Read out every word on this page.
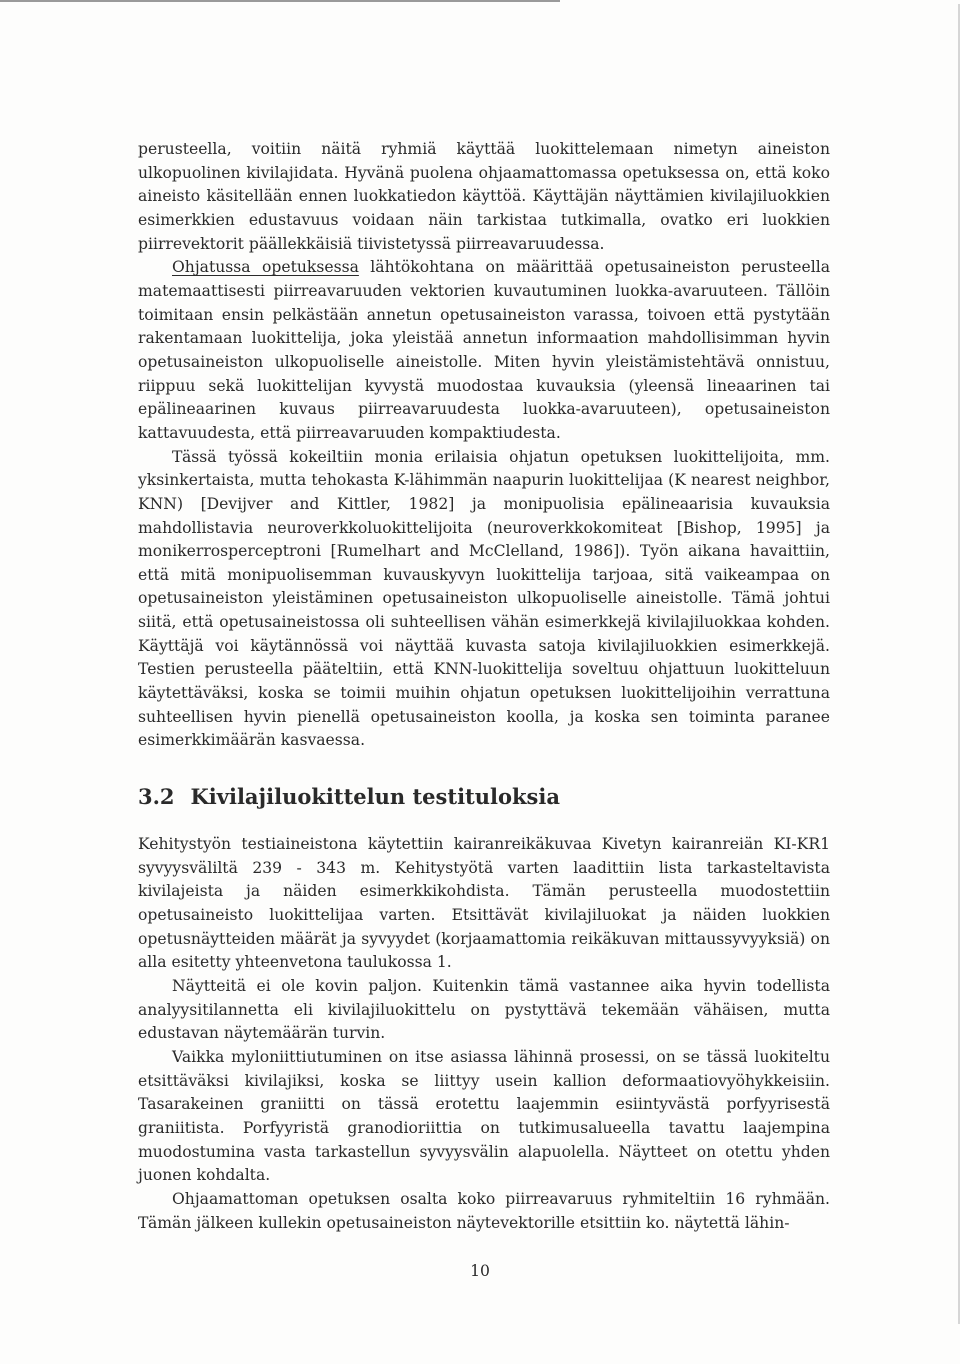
perusteella, voitiin näitä ryhmiä käyttää luokittelemaan nimetyn aineiston ulkopuolinen kivilajidata. Hyvänä puolena ohjaamattomassa opetuksessa on, että koko aineisto käsitellään ennen luokkatiedon käyttöä. Käyttäjän näyttämien kivilajiluokkien esimerkkien edustavuus voidaan näin tarkistaa tutkimalla, ovatko eri luokkien piirrevektorit päällekkäisiä tiivistetyssä piirreavaruudessa.

Ohjatussa opetuksessa lähtökohtana on määrittää opetusaineiston perusteella matemaattisesti piirreavaruuden vektorien kuvautuminen luokka-avaruuteen. Tällöin toimitaan ensin pelkästään annetun opetusaineiston varassa, toivoen että pystytään rakentamaan luokittelija, joka yleistää annetun informaation mahdollisimman hyvin opetusaineiston ulkopuoliselle aineistolle. Miten hyvin yleistämistehtävä onnistuu, riippuu sekä luokittelijan kyvystä muodostaa kuvauksia (yleensä lineaarinen tai epälineaarinen kuvaus piirreavaruudesta luokka-avaruuteen), opetusaineiston kattavuudesta, että piirreavaruuden kompaktiudesta.

Tässä työssä kokeiltiin monia erilaisia ohjatun opetuksen luokittelijoita, mm. yksinkertaista, mutta tehokasta K-lähimmän naapurin luokittelijaa (K nearest neighbor, KNN) [Devijver and Kittler, 1982] ja monipuolisia epälineaarisia kuvauksia mahdollistavia neuroverkkoluokittelijoita (neuroverkkokomiteat [Bishop, 1995] ja monikerrosperceptroni [Rumelhart and McClelland, 1986]). Työn aikana havaittiin, että mitä monipuolisemman kuvauskyvyn luokittelija tarjoaa, sitä vaikeampaa on opetusaineiston yleistäminen opetusaineiston ulkopuoliselle aineistolle. Tämä johtui siitä, että opetusaineistossa oli suhteellisen vähän esimerkkejä kivilajiluokkaa kohden. Käyttäjä voi käytännössä voi näyttää kuvasta satoja kivilajiluokkien esimerkkejä. Testien perusteella pääteltiin, että KNN-luokittelija soveltuu ohjattuun luokitteluun käytettäväksi, koska se toimii muihin ohjatun opetuksen luokittelijoihin verrattuna suhteellisen hyvin pienellä opetusaineiston koolla, ja koska sen toiminta paranee esimerkkimäärän kasvaessa.

3.2 Kivilajiluokittelun testituloksia

Kehitystyön testiaineistona käytettiin kairanreikäkuvaa Kivetyn kairanreiän KI-KR1 syvyysväliltä 239 - 343 m. Kehitystyötä varten laadittiin lista tarkasteltavista kivilajeista ja näiden esimerkkikohdista. Tämän perusteella muodostettiin opetusaineisto luokittelijaa varten. Etsittävät kivilajiluokat ja näiden luokkien opetusnäytteiden määrät ja syvyydet (korjaamattomia reikäkuvan mittaussyvyyksiä) on alla esitetty yhteenvetona taulukossa 1.

Näytteitä ei ole kovin paljon. Kuitenkin tämä vastannee aika hyvin todellista analyysitilannetta eli kivilajiluokittelu on pystyttävä tekemään vähäisen, mutta edustavan näytemäärän turvin.

Vaikka myloniittiutuminen on itse asiassa lähinnä prosessi, on se tässä luokiteltu etsittäväksi kivilajiksi, koska se liittyy usein kallion deformaatiovyöhykkeisiin. Tasarakeinen graniitti on tässä erotettu laajemmin esiintyvästä porfyyrisestä graniitista. Porfyyristä granodioriittia on tutkimusalueella tavattu laajempina muodostumina vasta tarkastellun syvyysvälin alapuolella. Näytteet on otettu yhden juonen kohdalta.

Ohjaamattoman opetuksen osalta koko piirreavaruus ryhmiteltiin 16 ryhmään. Tämän jälkeen kullekin opetusaineiston näytevektorille etsittiin ko. näytettä lähin-

10
